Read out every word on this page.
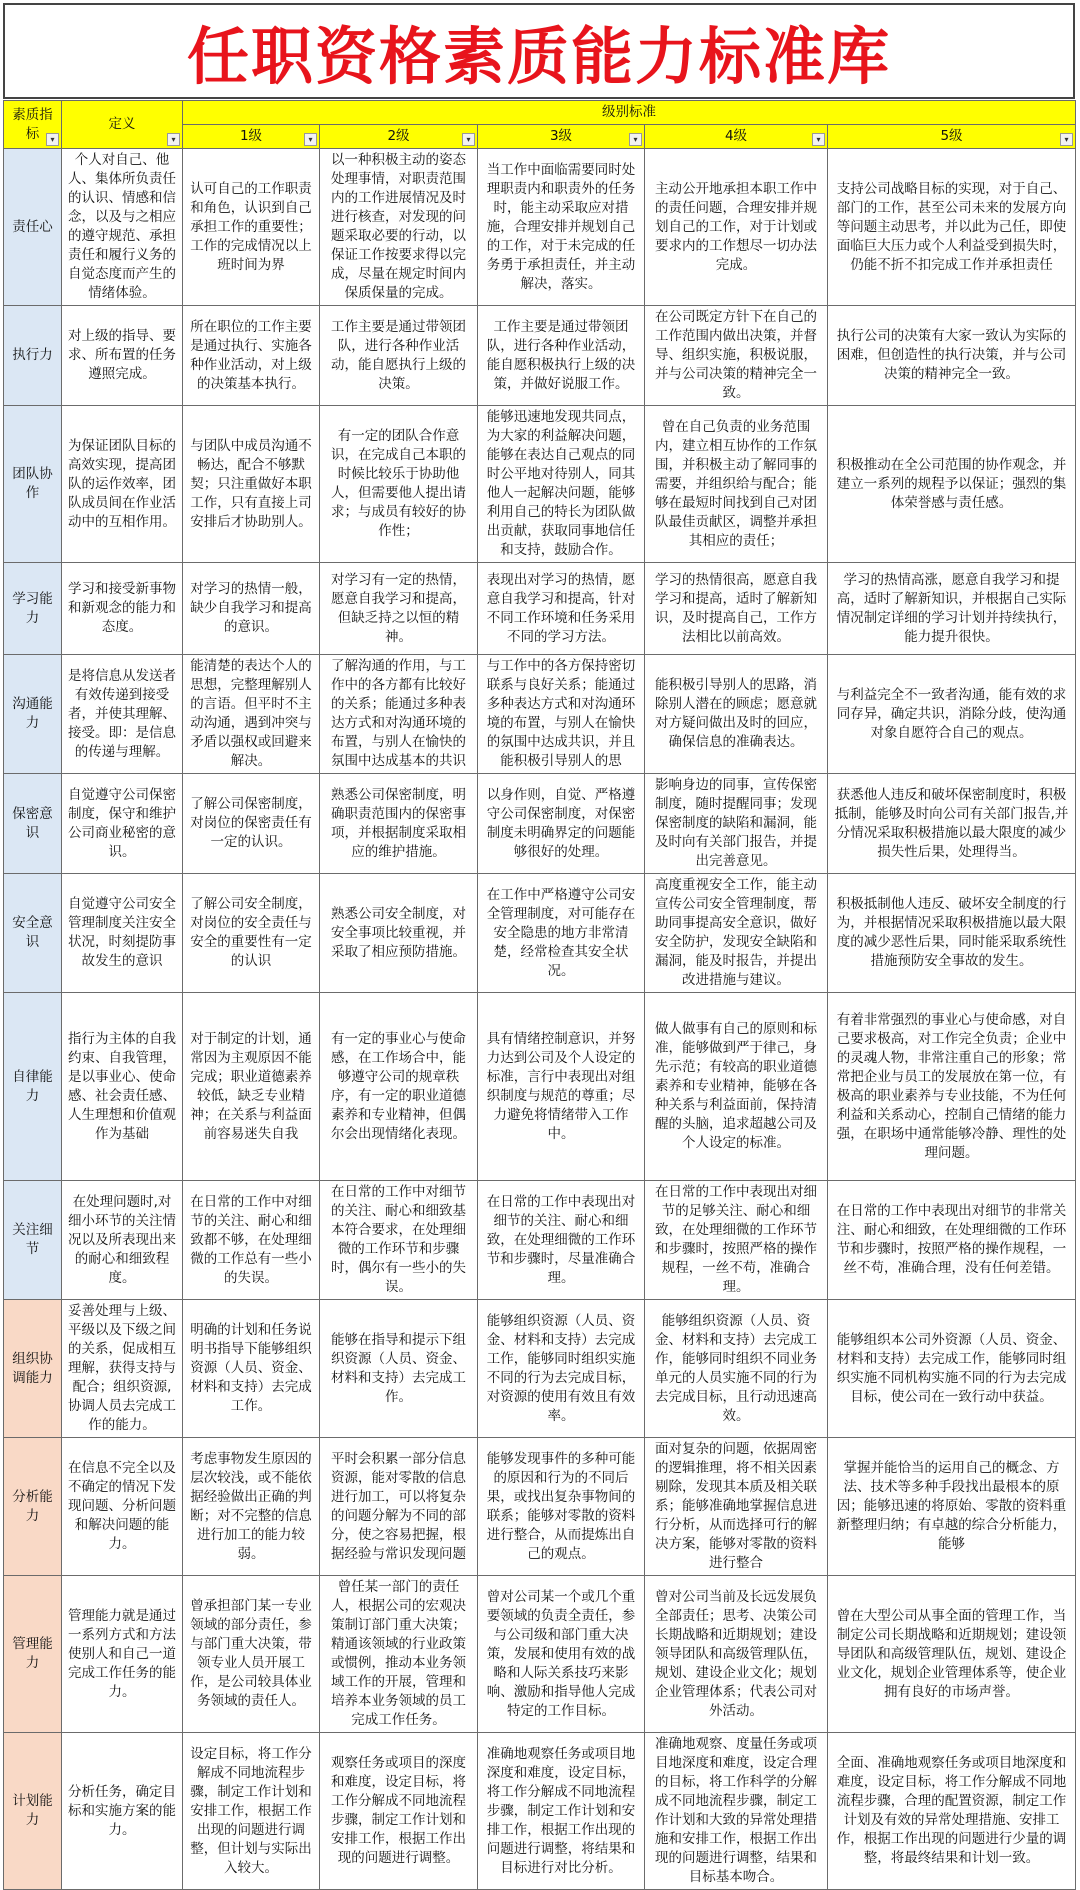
任职资格素质能力标准库
素质指标 ▾	定义
▾	级别标准				
		1级 ▾	2级 ▾	3级 ▾	4级 ▾	5级 ▾

责任心	个人对自己、他人、集体所负责任的认识、情感和信念，以及与之相应的遵守规范、承担责任和履行义务的自觉态度而产生的情绪体验。	认可自己的工作职责和角色，认识到自己承担工作的重要性；工作的完成情况以上班时间为界	以一种积极主动的姿态处理事情，对职责范围内的工作进展情况及时进行核查，对发现的问题采取必要的行动，以保证工作按要求得以完成，尽量在规定时间内保质保量的完成。	当工作中面临需要同时处理职责内和职责外的任务时，能主动采取应对措施，合理安排并规划自己的工作，对于未完成的任务勇于承担责任，并主动解决，落实。	主动公开地承担本职工作中的责任问题，合理安排并规划自己的工作，对于计划或要求内的工作想尽一切办法完成。	支持公司战略目标的实现，对于自己、部门的工作，甚至公司未来的发展方向等问题主动思考，并以此为己任，即使面临巨大压力或个人利益受到损失时，仍能不折不扣完成工作并承担责任
执行力	对上级的指导、要求、所布置的任务遵照完成。	所在职位的工作主要是通过执行、实施各种作业活动，对上级的决策基本执行。	工作主要是通过带领团队，进行各种作业活动，能自愿执行上级的决策。	工作主要是通过带领团队，进行各种作业活动，能自愿积极执行上级的决策，并做好说服工作。	在公司既定方针下在自己的工作范围内做出决策，并督导、组织实施，积极说服，并与公司决策的精神完全一致。	执行公司的决策有大家一致认为实际的困难，但创造性的执行决策，并与公司决策的精神完全一致。
团队协作	为保证团队目标的高效实现，提高团队的运作效率，团队成员间在作业活动中的互相作用。	与团队中成员沟通不畅达，配合不够默契；只注重做好本职工作，只有直接上司安排后才协助别人。	有一定的团队合作意识，在完成自己本职的时候比较乐于协助他人，但需要他人提出请求；与成员有较好的协作性；	能够迅速地发现共同点，为大家的利益解决问题，能够在表达自己观点的同时公平地对待别人，同其他人一起解决问题，能够利用自己的特长为团队做出贡献，获取同事地信任和支持，鼓励合作。	曾在自己负责的业务范围内，建立相互协作的工作氛围，并积极主动了解同事的需要，并组织给与配合；能够在最短时间找到自己对团队最佳贡献区，调整并承担其相应的责任；	积极推动在全公司范围的协作观念，并建立一系列的规程予以保证；强烈的集体荣誉感与责任感。
学习能力	学习和接受新事物和新观念的能力和态度。	对学习的热情一般，缺少自我学习和提高的意识。	对学习有一定的热情，愿意自我学习和提高，但缺乏持之以恒的精神。	表现出对学习的热情，愿意自我学习和提高，针对不同工作环境和任务采用不同的学习方法。	学习的热情很高，愿意自我学习和提高，适时了解新知识，及时提高自己，工作方法相比以前高效。	学习的热情高涨，愿意自我学习和提高，适时了解新知识，并根据自己实际情况制定详细的学习计划并持续执行，能力提升很快。
沟通能力	是将信息从发送者有效传递到接受者，并使其理解、接受。即：是信息的传递与理解。	能清楚的表达个人的思想，完整理解别人的言语。但平时不主动沟通，遇到冲突与矛盾以强权或回避来解决。	了解沟通的作用，与工作中的各方都有比较好的关系；能通过多种表达方式和对沟通环境的布置，与别人在愉快的氛围中达成基本的共识	与工作中的各方保持密切联系与良好关系；能通过多种表达方式和对沟通环境的布置，与别人在愉快的氛围中达成共识，并且能积极引导别人的思	能积极引导别人的思路，消除别人潜在的顾虑；愿意就对方疑问做出及时的回应，确保信息的准确表达。	与利益完全不一致者沟通，能有效的求同存异，确定共识，消除分歧，使沟通对象自愿符合自己的观点。
保密意识	自觉遵守公司保密制度，保守和维护公司商业秘密的意识。	了解公司保密制度，对岗位的保密责任有一定的认识。	熟悉公司保密制度，明确职责范围内的保密事项，并根据制度采取相应的维护措施。	以身作则，自觉、严格遵守公司保密制度，对保密制度未明确界定的问题能够很好的处理。	影响身边的同事，宣传保密制度，随时提醒同事；发现保密制度的缺陷和漏洞，能及时向有关部门报告，并提出完善意见。	获悉他人违反和破坏保密制度时，积极抵制，能够及时向公司有关部门报告,并分情况采取积极措施以最大限度的减少损失性后果，处理得当。
安全意识	自觉遵守公司安全管理制度关注安全状况，时刻提防事故发生的意识	了解公司安全制度，对岗位的安全责任与安全的重要性有一定的认识	熟悉公司安全制度，对安全事项比较重视，并采取了相应预防措施。	在工作中严格遵守公司安全管理制度，对可能存在安全隐患的地方非常清楚，经常检查其安全状况。	高度重视安全工作，能主动宣传公司安全管理制度，帮助同事提高安全意识，做好安全防护，发现安全缺陷和漏洞，能及时报告，并提出改进措施与建议。	积极抵制他人违反、破坏安全制度的行为，并根据情况采取积极措施以最大限度的减少恶性后果，同时能采取系统性措施预防安全事故的发生。
自律能力	指行为主体的自我约束、自我管理，是以事业心、使命感、社会责任感、人生理想和价值观作为基础	对于制定的计划，通常因为主观原因不能完成；职业道德素养较低，缺乏专业精神；在关系与利益面前容易迷失自我	有一定的事业心与使命感，在工作场合中，能够遵守公司的规章秩序，有一定的职业道德素养和专业精神，但偶尔会出现情绪化表现。	具有情绪控制意识，并努力达到公司及个人设定的标准，言行中表现出对组织制度与规范的尊重；尽力避免将情绪带入工作中。	做人做事有自己的原则和标准，能够做到严于律己，身先示范；有较高的职业道德素养和专业精神，能够在各种关系与利益面前，保持清醒的头脑，追求超越公司及个人设定的标准。	有着非常强烈的事业心与使命感，对自己要求极高，对工作完全负责；企业中的灵魂人物，非常注重自己的形象；常常把企业与员工的发展放在第一位，有极高的职业素养与专业技能，不为任何利益和关系动心，控制自己情绪的能力强，在职场中通常能够冷静、理性的处理问题。
关注细节	在处理问题时,对细小环节的关注情况以及所表现出来的耐心和细致程度。	在日常的工作中对细节的关注、耐心和细致都不够，在处理细微的工作总有一些小的失误。	在日常的工作中对细节的关注、耐心和细致基本符合要求，在处理细微的工作环节和步骤时，偶尔有一些小的失误。	在日常的工作中表现出对细节的关注、耐心和细致，在处理细微的工作环节和步骤时，尽量准确合理。	在日常的工作中表现出对细节的足够关注、耐心和细致，在处理细微的工作环节和步骤时，按照严格的操作规程，一丝不苟，准确合理。	在日常的工作中表现出对细节的非常关注、耐心和细致，在处理细微的工作环节和步骤时，按照严格的操作规程，一丝不苟，准确合理，没有任何差错。
组织协调能力	妥善处理与上级、平级以及下级之间的关系，促成相互理解，获得支持与配合；组织资源,协调人员去完成工作的能力。	明确的计划和任务说明书指导下能够组织资源（人员、资金、材料和支持）去完成工作。	能够在指导和提示下组织资源（人员、资金、材料和支持）去完成工作。	能够组织资源（人员、资金、材料和支持）去完成工作，能够同时组织实施不同的行为去完成目标，对资源的使用有效且有效率。	能够组织资源（人员、资金、材料和支持）去完成工作，能够同时组织不同业务单元的人员实施不同的行为去完成目标，且行动迅速高效。	能够组织本公司外资源（人员、资金、材料和支持）去完成工作，能够同时组织实施不同机构实施不同的行为去完成目标，使公司在一致行动中获益。
分析能力	在信息不完全以及不确定的情况下发现问题、分析问题和解决问题的能力。	考虑事物发生原因的层次较浅，或不能依据经验做出正确的判断；对不完整的信息进行加工的能力较弱。	平时会积累一部分信息资源，能对零散的信息进行加工，可以将复杂的问题分解为不同的部分，使之容易把握，根据经验与常识发现问题	能够发现事件的多种可能的原因和行为的不同后果，或找出复杂事物间的联系；能够对零散的资料进行整合，从而提炼出自己的观点。	面对复杂的问题，依据周密的逻辑推理，将不相关因素剔除，发现其本质及相关联系；能够准确地掌握信息进行分析，从而选择可行的解决方案，能够对零散的资料进行整合	掌握并能恰当的运用自己的概念、方法、技术等多种手段找出最根本的原因；能够迅速的将原始、零散的资料重新整理归纳；有卓越的综合分析能力，能够
管理能力	管理能力就是通过一系列方式和方法使别人和自己一道完成工作任务的能力。	曾承担部门某一专业领域的部分责任，参与部门重大决策，带领专业人员开展工作，是公司较具体业务领域的责任人。	曾任某一部门的责任人，根据公司的宏观决策制订部门重大决策；精通该领域的行业政策或惯例，推动本业务领域工作的开展，管理和培养本业务领域的员工完成工作任务。	曾对公司某一个或几个重要领域的负责全责任，参与公司级和部门重大决策，发展和使用有效的战略和人际关系技巧来影响、激励和指导他人完成特定的工作目标。	曾对公司当前及长远发展负全部责任；思考、决策公司长期战略和近期规划；建设领导团队和高级管理队伍，规划、建设企业文化；规划企业管理体系；代表公司对外活动。	曾在大型公司从事全面的管理工作，当制定公司长期战略和近期规划；建设领导团队和高级管理队伍，规划、建设企业文化，规划企业管理体系等，使企业拥有良好的市场声誉。
计划能力	分析任务，确定目标和实施方案的能力。	设定目标，将工作分解成不同地流程步骤，制定工作计划和安排工作，根据工作出现的问题进行调整，但计划与实际出入较大。	观察任务或项目的深度和难度，设定目标，将工作分解成不同地流程步骤，制定工作计划和安排工作，根据工作出现的问题进行调整。	准确地观察任务或项目地深度和难度，设定目标，将工作分解成不同地流程步骤，制定工作计划和安排工作，根据工作出现的问题进行调整，将结果和目标进行对比分析。	准确地观察、度量任务或项目地深度和难度，设定合理的目标，将工作科学的分解成不同地流程步骤，制定工作计划和大致的异常处理措施和安排工作，根据工作出现的问题进行调整，结果和目标基本吻合。	全面、准确地观察任务或项目地深度和难度，设定目标，将工作分解成不同地流程步骤，合理的配置资源，制定工作计划及有效的异常处理措施、安排工作，根据工作出现的问题进行少量的调整，将最终结果和计划一致。
